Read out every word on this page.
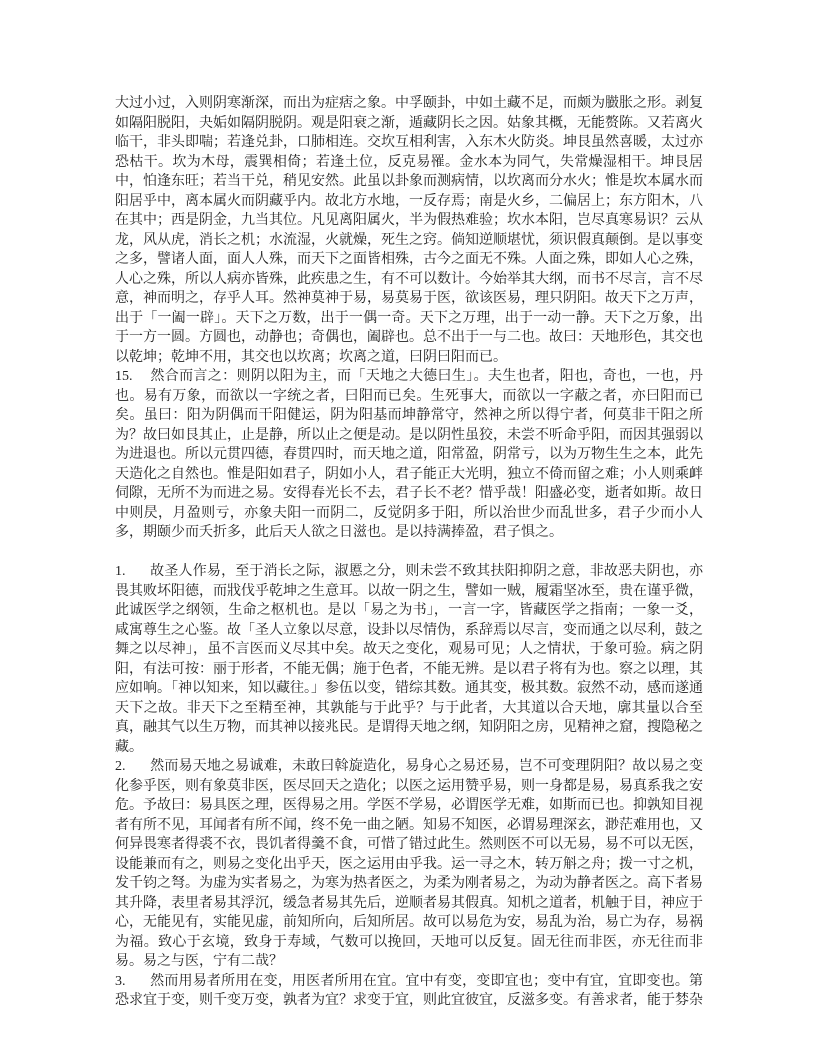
大过小过，入则阴寒渐深，而出为症痞之象。中孚颐卦，中如土藏不足，而颇为臌胀之形。剥复如隔阳脱阳，夬姤如隔阴脱阴。观是阳衰之渐，遁藏阴长之因。姑象其概，无能赘陈。又若离火临干，非头即喘；若逢兑卦，口肺相连。交坎互相利害，入东木火防炎。坤艮虽然喜暖，太过亦恐枯干。坎为木母，震巽相倚；若逢土位，反克易罹。金水本为同气，失常燥湿相干。坤艮居中，怕逢东旺；若当干兑，稍见安然。此虽以卦象而测病情，以坎离而分水火；惟是坎本属水而阳居乎中，离本属火而阴藏乎内。故北方水地，一反存焉；南是火乡，二偏居上；东方阳木，八在其中；西是阴金，九当其位。凡见离阳属火，半为假热难验；坎水本阳，岂尽真寒易识？云从龙，风从虎，消长之机；水流湿，火就燥，死生之窍。倘知逆顺堪忧，须识假真颠倒。是以事变之多，譬诸人面，面人人殊，而天下之面皆相殊，古今之面无不殊。人面之殊，即如人心之殊，人心之殊，所以人病亦皆殊，此疾患之生，有不可以数计。今始举其大纲，而书不尽言，言不尽意，神而明之，存乎人耳。然神莫神于易，易莫易于医，欲该医易，理只阴阳。故天下之万声，出于「一阖一辟」。天下之万数，出于一偶一奇。天下之万理，出于一动一静。天下之万象，出于一方一圆。方圆也，动静也；奇偶也，阖辟也。总不出于一与二也。故曰：天地形色，其交也以乾坤；乾坤不用，其交也以坎离；坎离之道，曰阴曰阳而已。

15. 然合而言之：则阴以阳为主，而「天地之大德曰生」。夫生也者，阳也，奇也，一也，丹也。易有万象，而欲以一字统之者，曰阳而已矣。生死事大，而欲以一字蔽之者，亦曰阳而已矣。虽曰：阳为阴偶而干阳健运，阴为阳基而坤静常守，然神之所以得宁者，何莫非干阳之所为？故曰如艮其止，止是静，所以止之便是动。是以阴性虽狡，未尝不听命乎阳，而因其强弱以为进退也。所以元贯四德，春贯四时，而天地之道，阳常盈，阴常亏，以为万物生生之本，此先天造化之自然也。惟是阳如君子，阴如小人，君子能正大光明，独立不倚而留之难；小人则乘衅伺隙，无所不为而进之易。安得春光长不去，君子长不老？惜乎哉！阳盛必变，逝者如斯。故日中则昃，月盈则亏，亦象夫阳一而阴二，反觉阴多于阳，所以治世少而乱世多，君子少而小人多，期颐少而夭折多，此后天人欲之日滋也。是以持满捧盈，君子惧之。

1. 故圣人作易，至于消长之际，淑慝之分，则未尝不致其扶阳抑阴之意，非故恶夫阴也，亦畏其败坏阳德，而戕伐乎乾坤之生意耳。以故一阴之生，譬如一贼，履霜坚冰至，贵在谨乎微，此诚医学之纲领，生命之枢机也。是以「易之为书」，一言一字，皆藏医学之指南；一象一爻，咸寓尊生之心鉴。故「圣人立象以尽意，设卦以尽情伪，系辞焉以尽言，变而通之以尽利，鼓之舞之以尽神」，虽不言医而义尽其中矣。故天之变化，观易可见；人之情状，于象可验。病之阴阳，有法可按：丽于形者，不能无偶；施于色者，不能无辨。是以君子将有为也。察之以理，其应如响。「神以知来，知以藏往。」参伍以变，错综其数。通其变，极其数。寂然不动，感而遂通天下之故。非天下之至精至神，其孰能与于此乎？与于此者，大其道以合天地，廓其量以合至真，融其气以生万物，而其神以接兆民。是谓得天地之纲，知阴阳之房，见精神之窟，搜隐秘之藏。

2. 然而易天地之易诚难，未敢曰斡旋造化，易身心之易还易，岂不可变理阴阳？故以易之变化参乎医，则有象莫非医，医尽回天之造化；以医之运用赞乎易，则一身都是易，易真系我之安危。予故曰：易具医之理，医得易之用。学医不学易，必谓医学无难，如斯而已也。抑孰知目视者有所不见，耳闻者有所不闻，终不免一曲之陋。知易不知医，必谓易理深玄，渺茫难用也，又何异畏寒者得裘不衣，畏饥者得羹不食，可惜了错过此生。然则医不可以无易，易不可以无医，设能兼而有之，则易之变化出乎天，医之运用由乎我。运一寻之木，转万斛之舟；拨一寸之机，发千钧之弩。为虚为实者易之，为寒为热者医之，为柔为刚者易之，为动为静者医之。高下者易其升降，表里者易其浮沉，缓急者易其先后，逆顺者易其假真。知机之道者，机触于目，神应于心，无能见有，实能见虚，前知所向，后知所居。故可以易危为安，易乱为治，易亡为存，易祸为福。致心于玄境，致身于寿域，气数可以挽回，天地可以反复。固无往而非医，亦无往而非易。易之与医，宁有二哉？

3. 然而用易者所用在变，用医者所用在宜。宜中有变，变即宜也；变中有宜，宜即变也。第恐求宜于变，则千变万变，孰者为宜？求变于宜，则此宜彼宜，反滋多变。有善求者，能于棼杂
